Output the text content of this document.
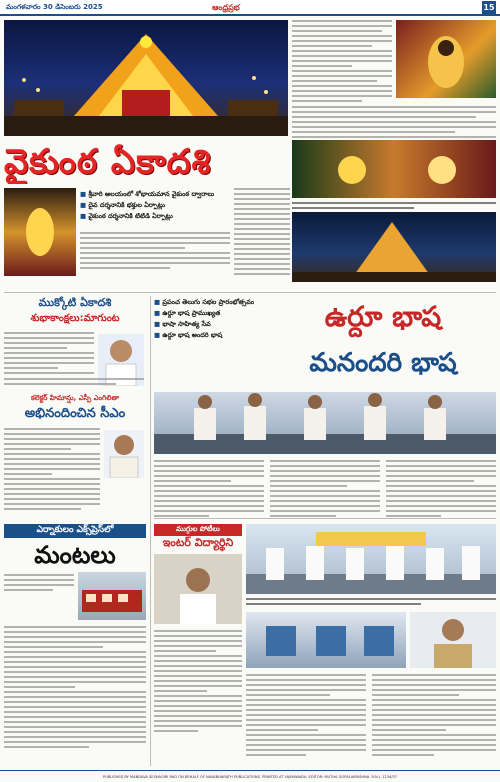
మంగళవారం 30 డిసెంబరు 2025	ఆంధ్రప్రభ	15
వైకుంఠ ఏకాదశి
■ శ్రీవారి ఆలయంలో శోభాయమాన వైకుంఠ ద్వారాలు
■ దైవ దర్శనానికి భక్తుల ఏర్పాట్లు
■ వైకుంఠ దర్శనానికి టిటిడి ఏర్పాట్లు
ముక్కోటి ఏకాదశి
శుభాకాంక్షలు:మాగుంట
కలెక్టర్ హిమాన్షు, ఎస్పీ ఎంగిలితా
అభినందించిన సీఎం
ఎర్నాకులం ఎక్స్‌ప్రెస్‌లో
మంటలు
■ ప్రపంచ తెలుగు సభల ప్రారంభోత్సవం
■ ఉర్దూ భాష ప్రాముఖ్యత
■ భాషా సాహిత్య సేవ
■ ఉర్దూ భాష అందరి భాష
ఉర్దూ భాష
మనందరి భాష
ముగ్గుల పోటీలు
ఇంటర్ విద్యార్థిని
PUBLISHED BY MANDAVA SESHAGIRI RAO ON BEHALF OF NAVABHARATH PUBLICATIONS. PRINTED AT VIJAYAWADA. EDITOR: MUTHA GOPALAKRISHNA. R.N.I. 1234/57
